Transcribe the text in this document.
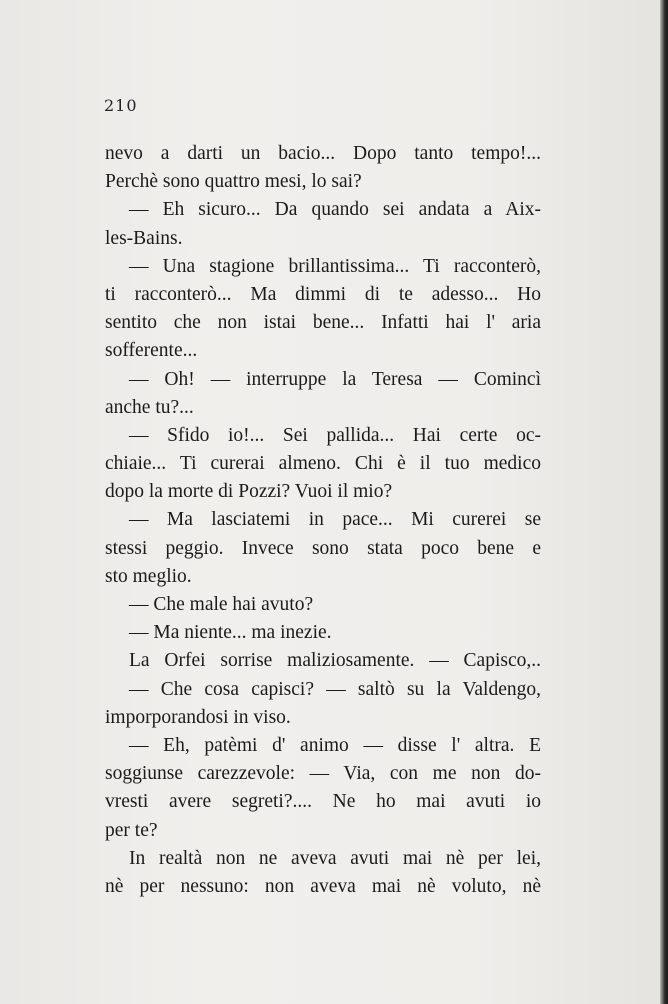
210
nevo a darti un bacio... Dopo tanto tempo!...
Perchè sono quattro mesi, lo sai?
— Eh sicuro... Da quando sei andata a Aix-
les-Bains.
— Una stagione brillantissima... Ti racconterò,
ti racconterò... Ma dimmi di te adesso... Ho
sentito che non istai bene... Infatti hai l' aria
sofferente...
— Oh! — interruppe la Teresa — Comincì
anche tu?...
— Sfido io!... Sei pallida... Hai certe oc-
chiaie... Ti curerai almeno. Chi è il tuo medico
dopo la morte di Pozzi? Vuoi il mio?
— Ma lasciatemi in pace... Mi curerei se
stessi peggio. Invece sono stata poco bene e
sto meglio.
— Che male hai avuto?
— Ma niente... ma inezie.
La Orfei sorrise maliziosamente. — Capisco,..
— Che cosa capisci? — saltò su la Valdengo,
imporporandosi in viso.
— Eh, patèmi d' animo — disse l' altra. E
soggiunse carezzevole: — Via, con me non do-
vresti avere segreti?.... Ne ho mai avuti io
per te?
In realtà non ne aveva avuti mai nè per lei,
nè per nessuno: non aveva mai nè voluto, nè
